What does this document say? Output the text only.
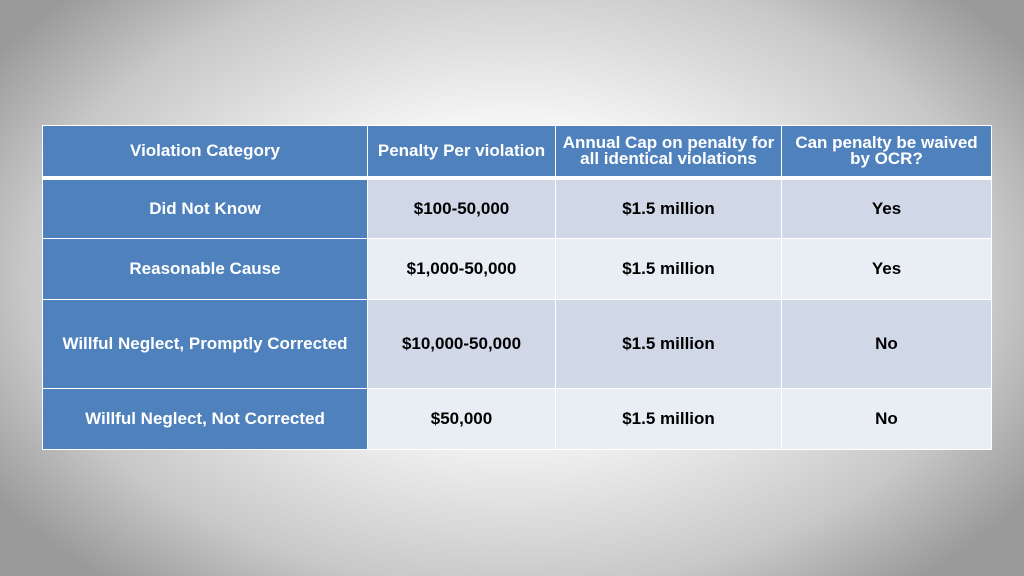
Violation Category	Penalty Per violation	Annual Cap on penalty for all identical violations	Can penalty be waived by OCR?
Did Not Know	$100-50,000	$1.5 million	Yes
Reasonable Cause	$1,000-50,000	$1.5 million	Yes
Willful Neglect, Promptly Corrected	$10,000-50,000	$1.5 million	No
Willful Neglect, Not Corrected	$50,000	$1.5 million	No
